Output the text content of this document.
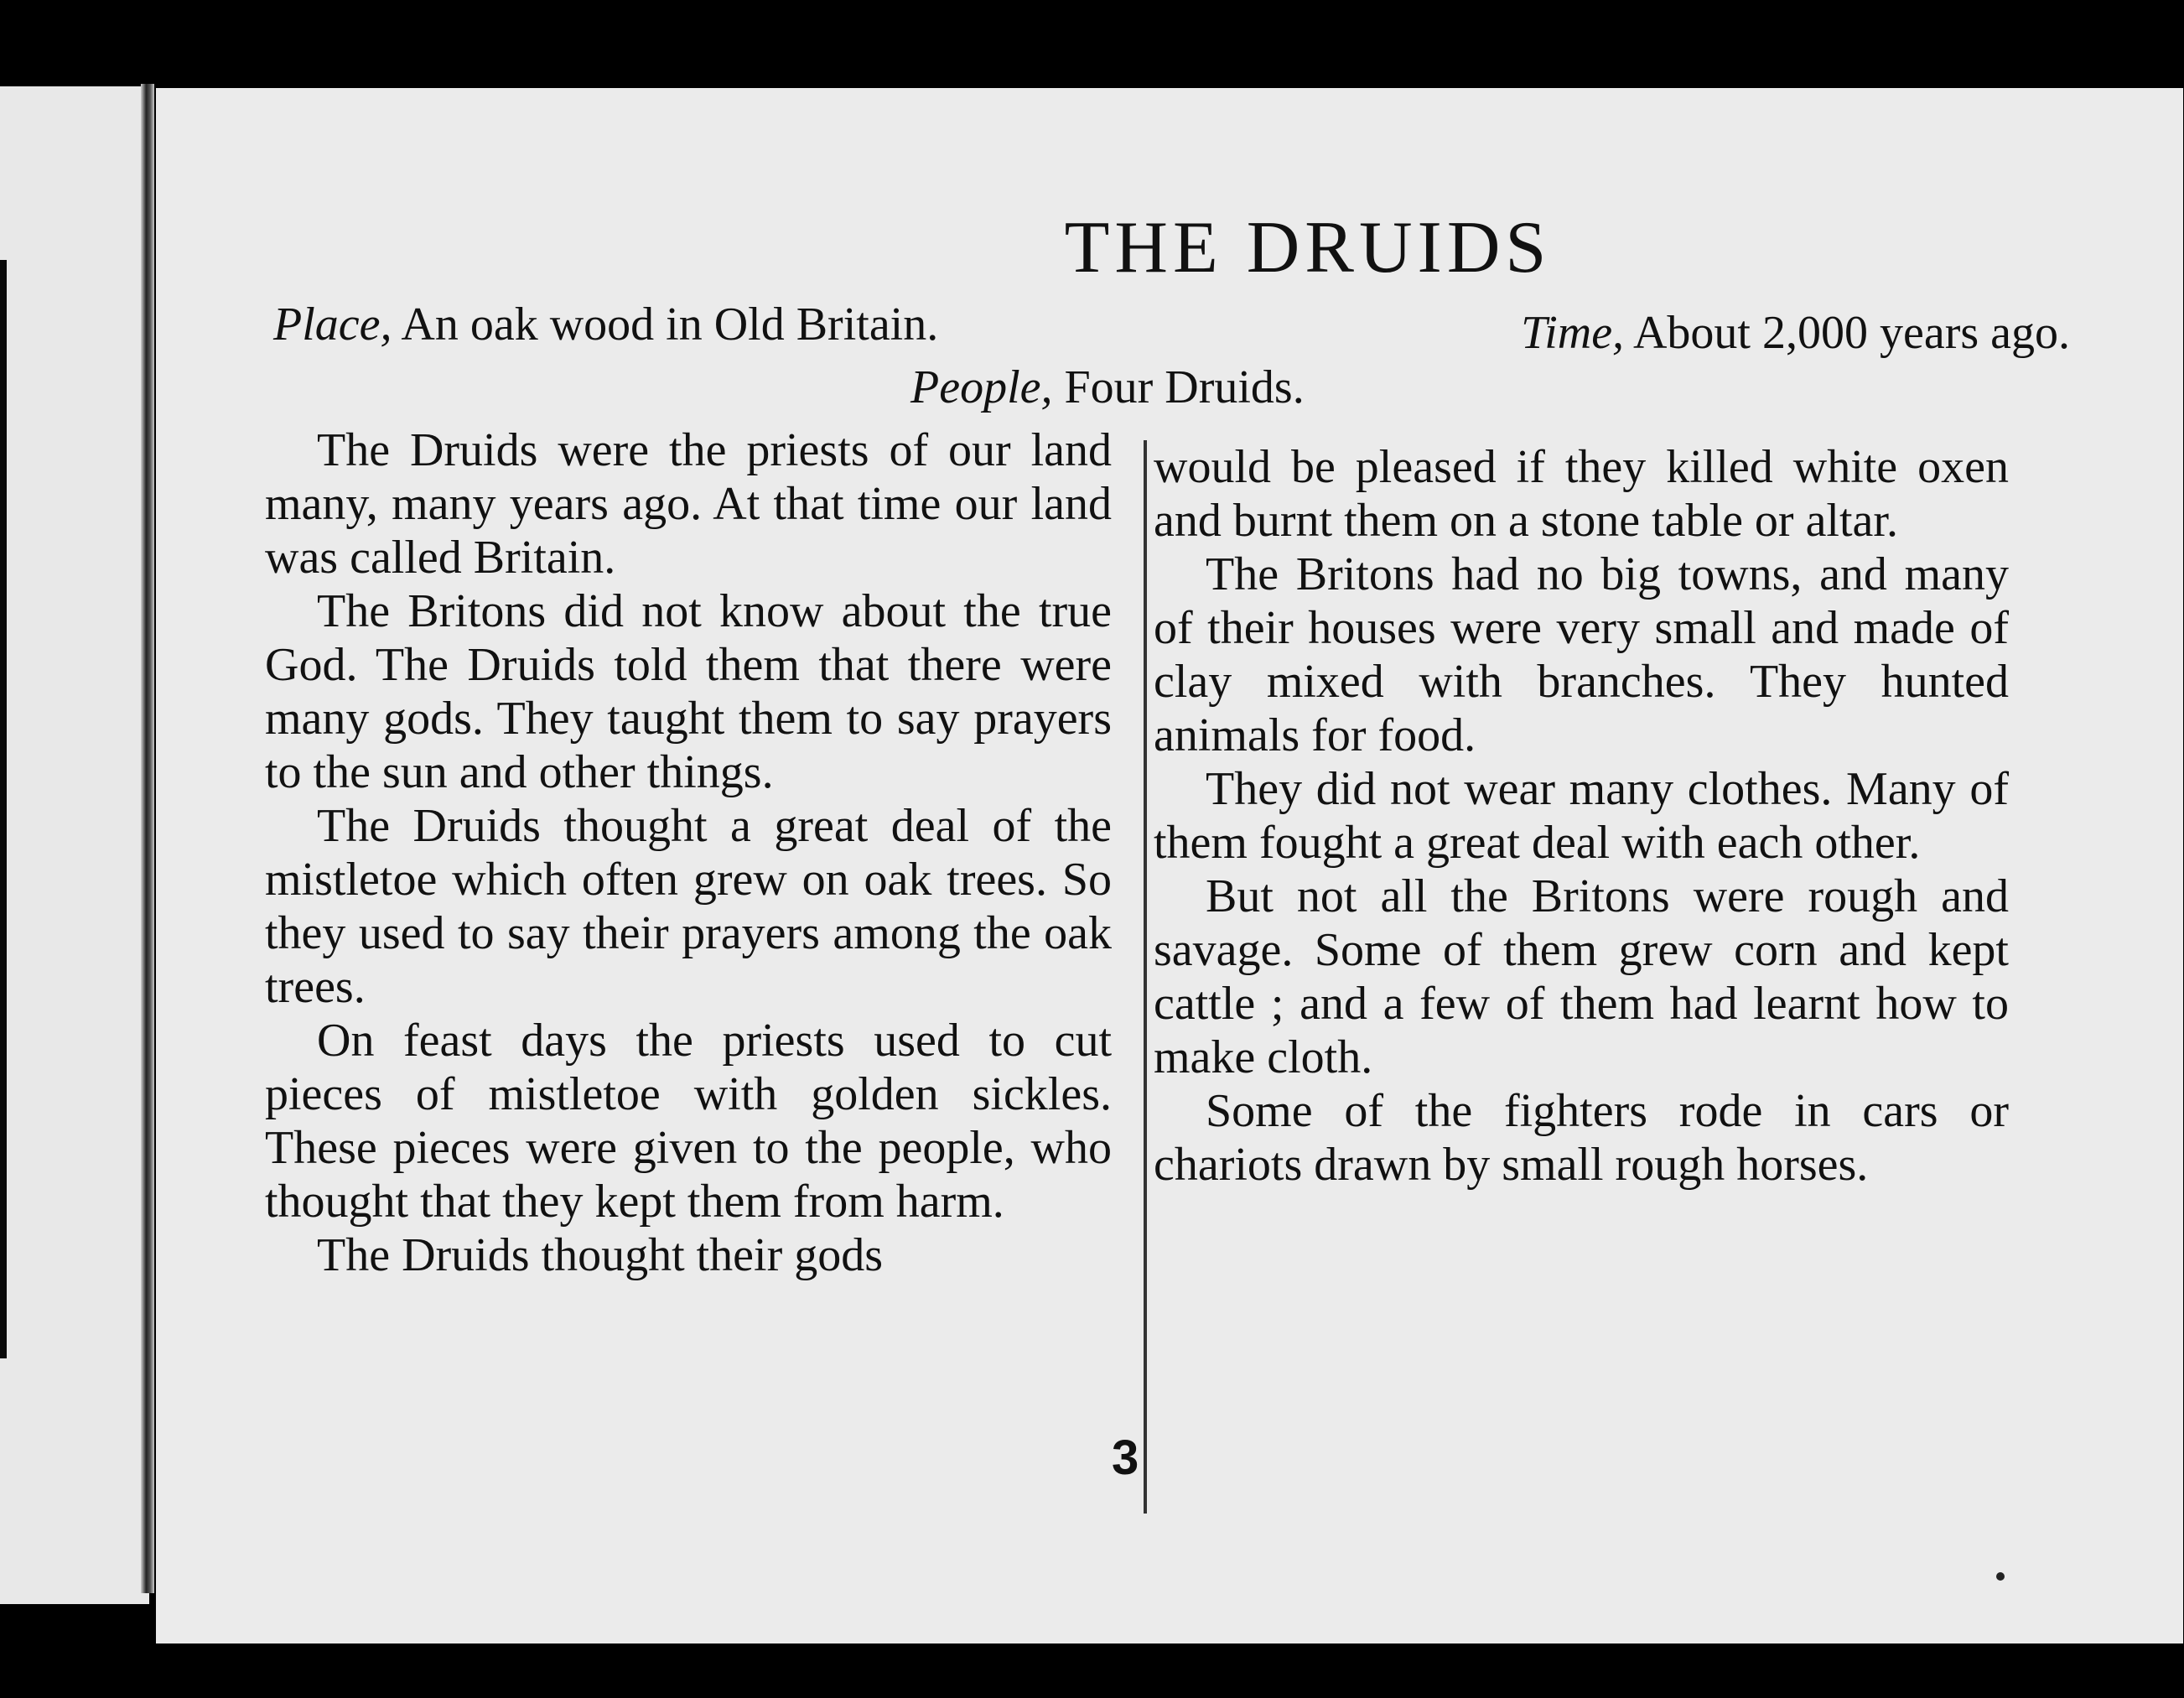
THE DRUIDS
Place, An oak wood in Old Britain.	Time, About 2,000 years ago.
People, Four Druids.

The Druids were the priests of our land many, many years ago. At that time our land was called Britain.

The Britons did not know about the true God. The Druids told them that there were many gods. They taught them to say prayers to the sun and other things.

The Druids thought a great deal of the mistletoe which often grew on oak trees. So they used to say their prayers among the oak trees.

On feast days the priests used to cut pieces of mistletoe with golden sickles. These pieces were given to the people, who thought that they kept them from harm.

The Druids thought their gods

would be pleased if they killed white oxen and burnt them on a stone table or altar.

The Britons had no big towns, and many of their houses were very small and made of clay mixed with branches. They hunted animals for food.

They did not wear many clothes. Many of them fought a great deal with each other.

But not all the Britons were rough and savage. Some of them grew corn and kept cattle ; and a few of them had learnt how to make cloth.

Some of the fighters rode in cars or chariots drawn by small rough horses.

3
